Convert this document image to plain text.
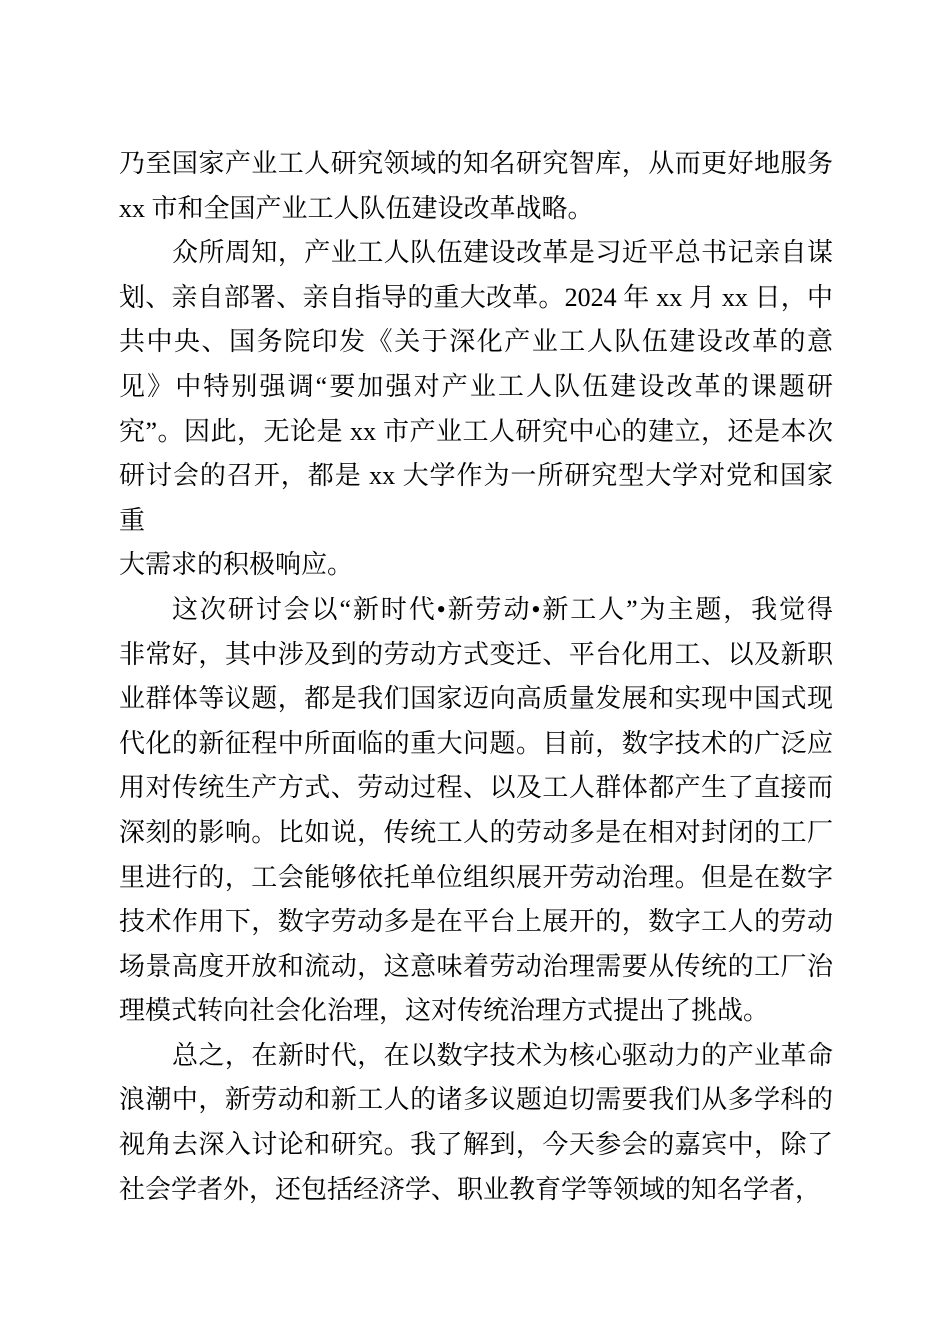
乃至国家产业工人研究领域的知名研究智库，从而更好地服务
xx 市和全国产业工人队伍建设改革战略。
众所周知，产业工人队伍建设改革是习近平总书记亲自谋
划、亲自部署、亲自指导的重大改革。2024 年 xx 月 xx 日，中
共中央、国务院印发《关于深化产业工人队伍建设改革的意
见》中特别强调“要加强对产业工人队伍建设改革的课题研
究”。因此，无论是 xx 市产业工人研究中心的建立，还是本次
研讨会的召开，都是 xx 大学作为一所研究型大学对党和国家重
大需求的积极响应。
这次研讨会以“新时代•新劳动•新工人”为主题，我觉得
非常好，其中涉及到的劳动方式变迁、平台化用工、以及新职
业群体等议题，都是我们国家迈向高质量发展和实现中国式现
代化的新征程中所面临的重大问题。目前，数字技术的广泛应
用对传统生产方式、劳动过程、以及工人群体都产生了直接而
深刻的影响。比如说，传统工人的劳动多是在相对封闭的工厂
里进行的，工会能够依托单位组织展开劳动治理。但是在数字
技术作用下，数字劳动多是在平台上展开的，数字工人的劳动
场景高度开放和流动，这意味着劳动治理需要从传统的工厂治
理模式转向社会化治理，这对传统治理方式提出了挑战。
总之，在新时代，在以数字技术为核心驱动力的产业革命
浪潮中，新劳动和新工人的诸多议题迫切需要我们从多学科的
视角去深入讨论和研究。我了解到，今天参会的嘉宾中，除了
社会学者外，还包括经济学、职业教育学等领域的知名学者，
